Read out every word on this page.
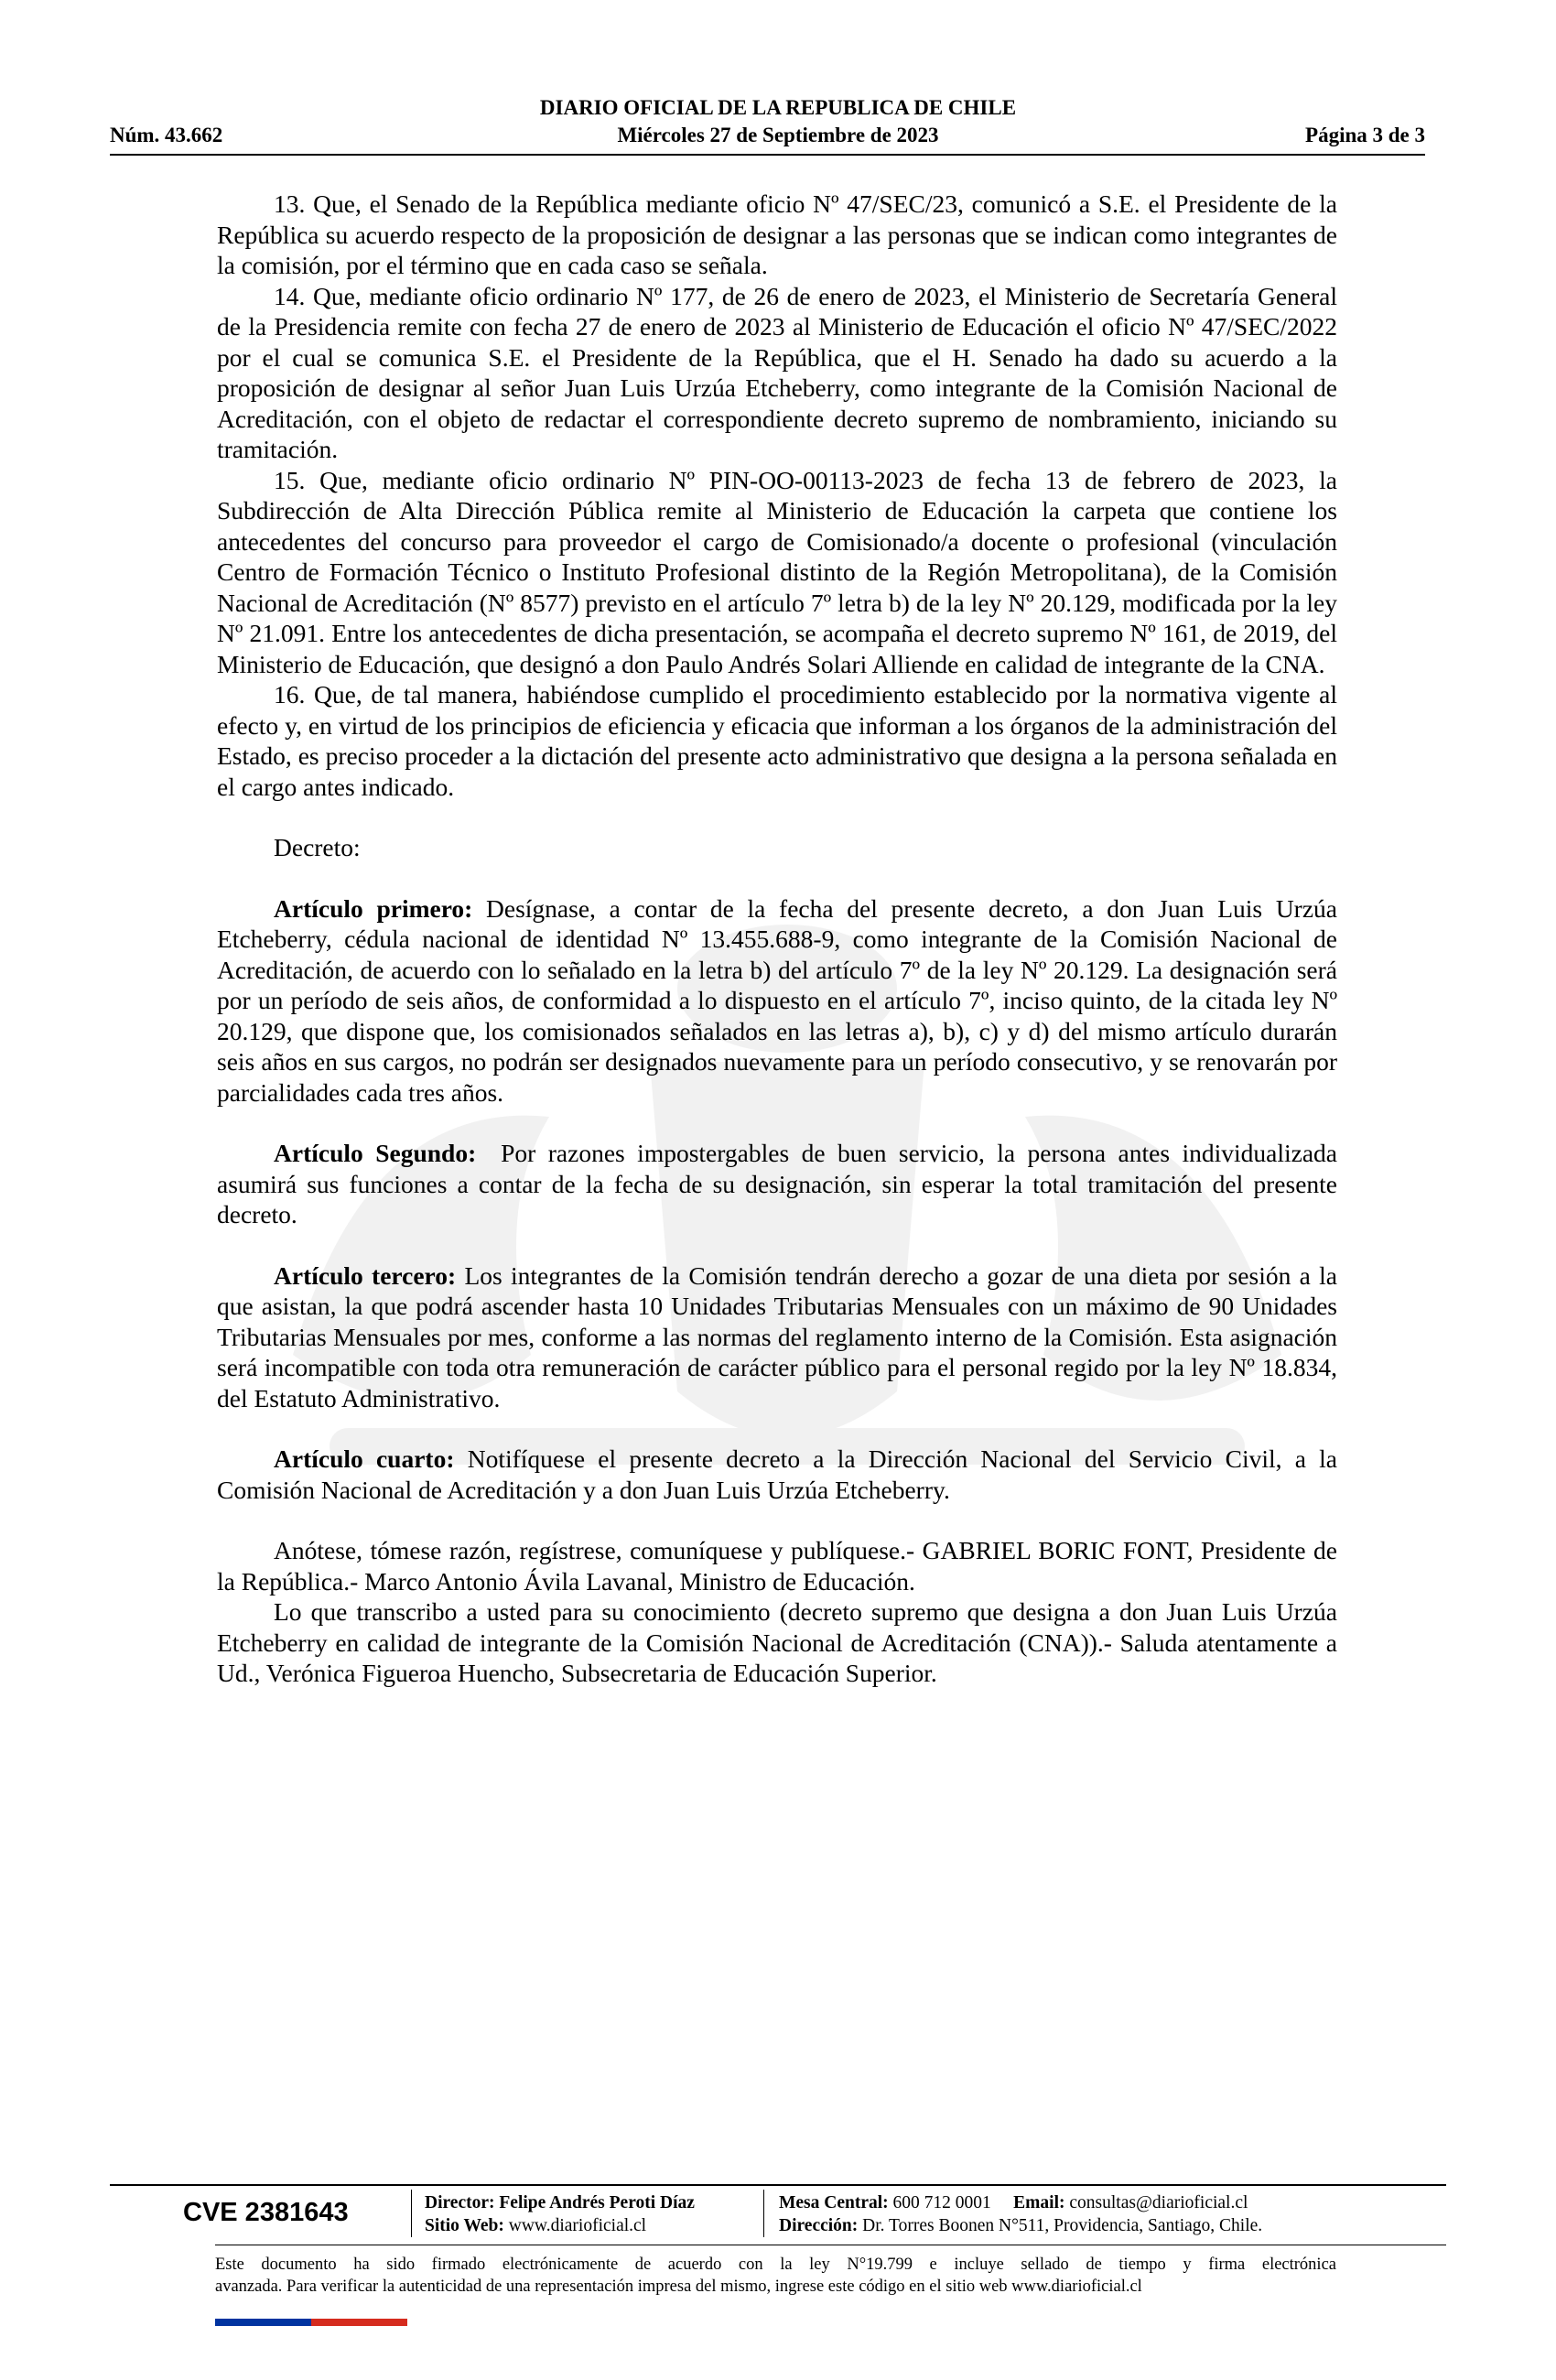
DIARIO OFICIAL DE LA REPUBLICA DE CHILE
Núm. 43.662	Miércoles 27 de Septiembre de 2023	Página 3 de 3

13. Que, el Senado de la República mediante oficio Nº 47/SEC/23, comunicó a S.E. el Presidente de la República su acuerdo respecto de la proposición de designar a las personas que se indican como integrantes de la comisión, por el término que en cada caso se señala.

14. Que, mediante oficio ordinario Nº 177, de 26 de enero de 2023, el Ministerio de Secretaría General de la Presidencia remite con fecha 27 de enero de 2023 al Ministerio de Educación el oficio Nº 47/SEC/2022 por el cual se comunica S.E. el Presidente de la República, que el H. Senado ha dado su acuerdo a la proposición de designar al señor Juan Luis Urzúa Etcheberry, como integrante de la Comisión Nacional de Acreditación, con el objeto de redactar el correspondiente decreto supremo de nombramiento, iniciando su tramitación.

15. Que, mediante oficio ordinario Nº PIN-OO-00113-2023 de fecha 13 de febrero de 2023, la Subdirección de Alta Dirección Pública remite al Ministerio de Educación la carpeta que contiene los antecedentes del concurso para proveedor el cargo de Comisionado/a docente o profesional (vinculación Centro de Formación Técnico o Instituto Profesional distinto de la Región Metropolitana), de la Comisión Nacional de Acreditación (Nº 8577) previsto en el artículo 7º letra b) de la ley Nº 20.129, modificada por la ley Nº 21.091. Entre los antecedentes de dicha presentación, se acompaña el decreto supremo Nº 161, de 2019, del Ministerio de Educación, que designó a don Paulo Andrés Solari Alliende en calidad de integrante de la CNA.

16. Que, de tal manera, habiéndose cumplido el procedimiento establecido por la normativa vigente al efecto y, en virtud de los principios de eficiencia y eficacia que informan a los órganos de la administración del Estado, es preciso proceder a la dictación del presente acto administrativo que designa a la persona señalada en el cargo antes indicado.

Decreto:

Artículo primero: Desígnase, a contar de la fecha del presente decreto, a don Juan Luis Urzúa Etcheberry, cédula nacional de identidad Nº 13.455.688-9, como integrante de la Comisión Nacional de Acreditación, de acuerdo con lo señalado en la letra b) del artículo 7º de la ley Nº 20.129. La designación será por un período de seis años, de conformidad a lo dispuesto en el artículo 7º, inciso quinto, de la citada ley Nº 20.129, que dispone que, los comisionados señalados en las letras a), b), c) y d) del mismo artículo durarán seis años en sus cargos, no podrán ser designados nuevamente para un período consecutivo, y se renovarán por parcialidades cada tres años.

Artículo Segundo:  Por razones impostergables de buen servicio, la persona antes individualizada asumirá sus funciones a contar de la fecha de su designación, sin esperar la total tramitación del presente decreto.

Artículo tercero: Los integrantes de la Comisión tendrán derecho a gozar de una dieta por sesión a la que asistan, la que podrá ascender hasta 10 Unidades Tributarias Mensuales con un máximo de 90 Unidades Tributarias Mensuales por mes, conforme a las normas del reglamento interno de la Comisión. Esta asignación será incompatible con toda otra remuneración de carácter público para el personal regido por la ley Nº 18.834, del Estatuto Administrativo.

Artículo cuarto: Notifíquese el presente decreto a la Dirección Nacional del Servicio Civil, a la Comisión Nacional de Acreditación y a don Juan Luis Urzúa Etcheberry.

Anótese, tómese razón, regístrese, comuníquese y publíquese.- GABRIEL BORIC FONT, Presidente de la República.- Marco Antonio Ávila Lavanal, Ministro de Educación.

Lo que transcribo a usted para su conocimiento (decreto supremo que designa a don Juan Luis Urzúa Etcheberry en calidad de integrante de la Comisión Nacional de Acreditación (CNA)).- Saluda atentamente a Ud., Verónica Figueroa Huencho, Subsecretaria de Educación Superior.

CVE 2381643	Director: Felipe Andrés Peroti Díaz
Sitio Web: www.diarioficial.cl
Mesa Central: 600 712 0001 Email: consultas@diarioficial.cl
Dirección: Dr. Torres Boonen N°511, Providencia, Santiago, Chile.
Este documento ha sido firmado electrónicamente de acuerdo con la ley N°19.799 e incluye sellado de tiempo y firma electrónica
avanzada. Para verificar la autenticidad de una representación impresa del mismo, ingrese este código en el sitio web www.diarioficial.cl
